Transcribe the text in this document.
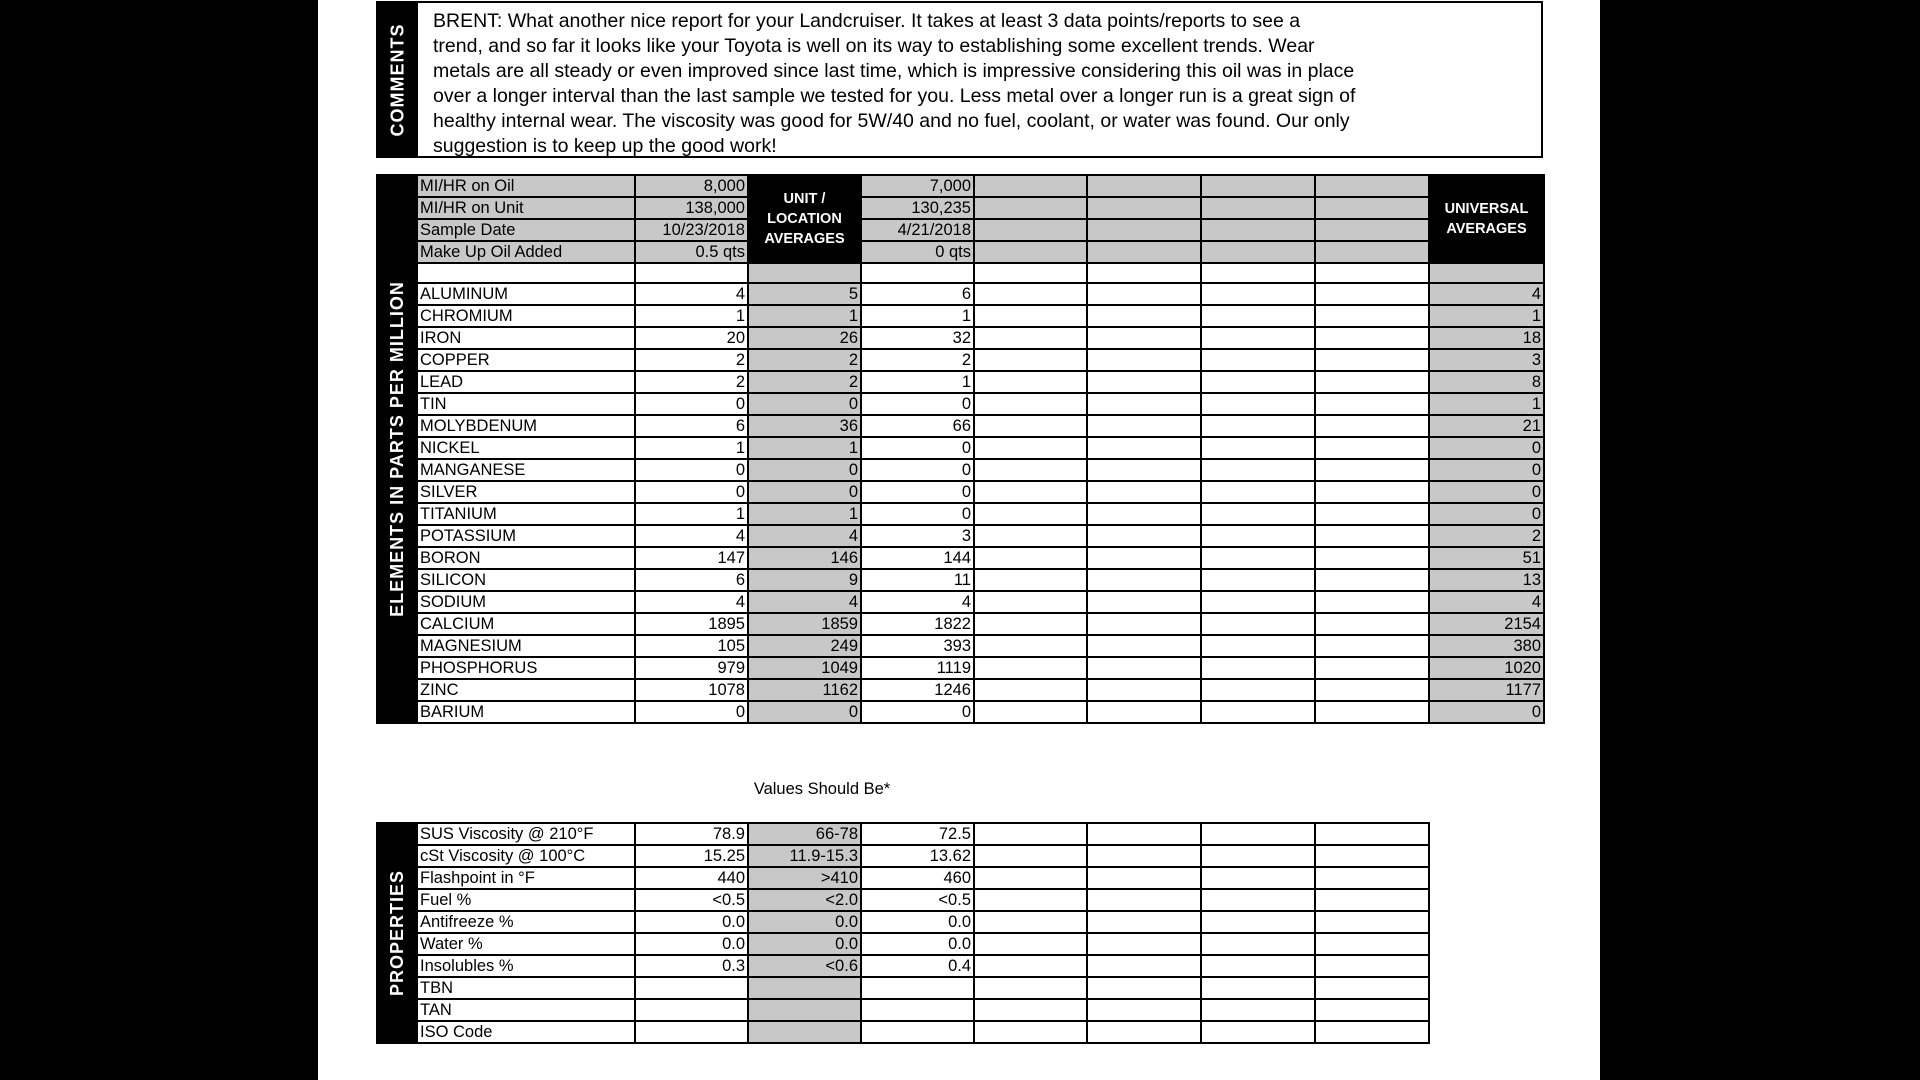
COMMENTS
BRENT: What another nice report for your Landcruiser. It takes at least 3 data points/reports to see a
trend, and so far it looks like your Toyota is well on its way to establishing some excellent trends. Wear
metals are all steady or even improved since last time, which is impressive considering this oil was in place
over a longer interval than the last sample we tested for you. Less metal over a longer run is a great sign of
healthy internal wear. The viscosity was good for 5W/40 and no fuel, coolant, or water was found. Our only
suggestion is to keep up the good work!
ELEMENTS IN PARTS PER MILLION	MI/HR on Oil	8,000	UNIT / LOCATION AVERAGES	7,000					UNIVERSAL AVERAGES
	MI/HR on Unit	138,000		130,235					
	Sample Date	10/23/2018		4/21/2018					
	Make Up Oil Added	0.5 qts		0 qts					

	ALUMINUM	4	5	6					4
	CHROMIUM	1	1	1					1
	IRON	20	26	32					18
	COPPER	2	2	2					3
	LEAD	2	2	1					8
	TIN	0	0	0					1
	MOLYBDENUM	6	36	66					21
	NICKEL	1	1	0					0
	MANGANESE	0	0	0					0
	SILVER	0	0	0					0
	TITANIUM	1	1	0					0
	POTASSIUM	4	4	3					2
	BORON	147	146	144					51
	SILICON	6	9	11					13
	SODIUM	4	4	4					4
	CALCIUM	1895	1859	1822					2154
	MAGNESIUM	105	249	393					380
	PHOSPHORUS	979	1049	1119					1020
	ZINC	1078	1162	1246					1177
	BARIUM	0	0	0					0
Values Should Be*
PROPERTIES	SUS Viscosity @ 210°F	78.9	66-78	72.5				
	cSt Viscosity @ 100°C	15.25	11.9-15.3	13.62				
	Flashpoint in °F	440	>410	460				
	Fuel %	<0.5	<2.0	<0.5				
	Antifreeze %	0.0	0.0	0.0				
	Water %	0.0	0.0	0.0				
	Insolubles %	0.3	<0.6	0.4				
	TBN							
	TAN							
	ISO Code							
